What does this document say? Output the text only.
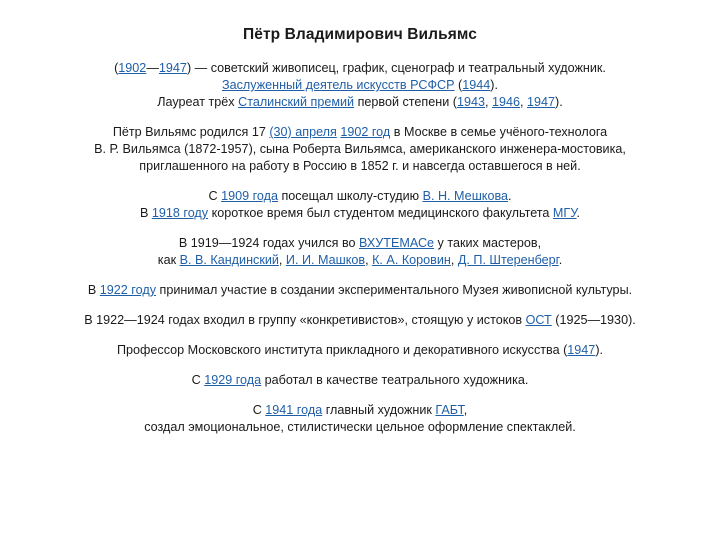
Пётр Владимирович Вильямс
(1902—1947) — советский живописец, график, сценограф и театральный художник.
Заслуженный деятель искусств РСФСР (1944).
Лауреат трёх Сталинский премий первой степени (1943, 1946, 1947).
Пётр Вильямс родился 17 (30) апреля 1902 год в Москве в семье учёного-технолога
В. Р. Вильямса (1872-1957), сына Роберта Вильямса, американского инженера-мостовика,
приглашенного на работу в Россию в 1852 г. и навсегда оставшегося в ней.
С 1909 года посещал школу-студию В. Н. Мешкова.
В 1918 году короткое время был студентом медицинского факультета МГУ.
В 1919—1924 годах учился во ВХУТЕМАСе у таких мастеров,
как В. В. Кандинский, И. И. Машков, К. А. Коровин, Д. П. Штеренберг.
В 1922 году принимал участие в создании экспериментального Музея живописной культуры.
В 1922—1924 годах входил в группу «конкретивистов», стоящую у истоков ОСТ (1925—1930).
Профессор Московского института прикладного и декоративного искусства (1947).
С 1929 года работал в качестве театрального художника.
С 1941 года главный художник ГАБТ,
создал эмоциональное, стилистически цельное оформление спектаклей.
